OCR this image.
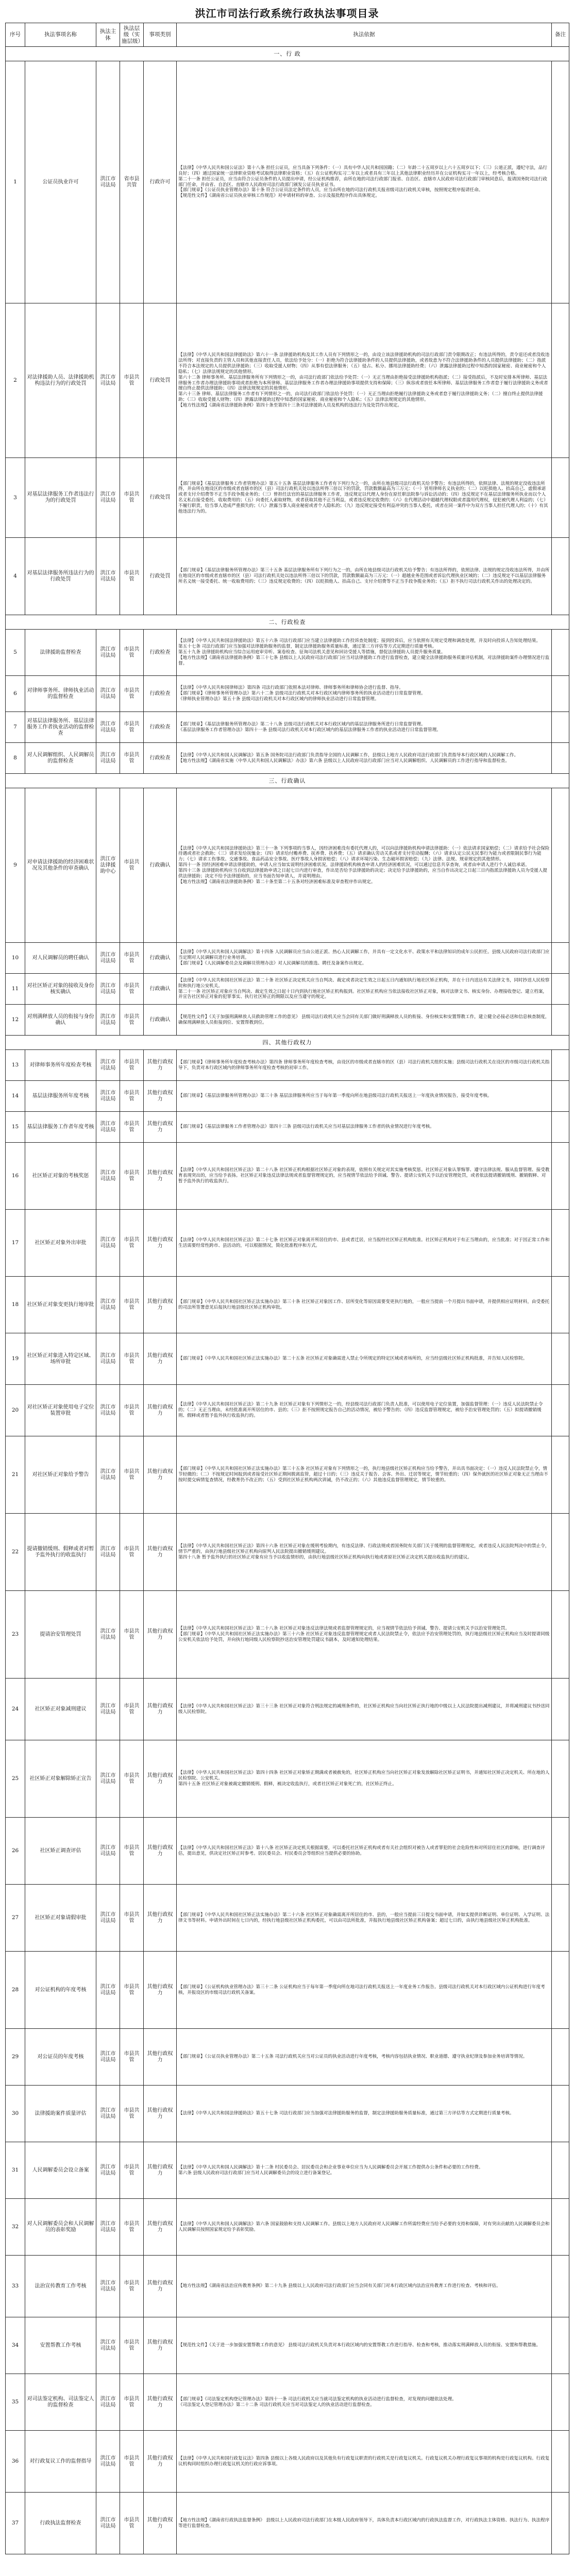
洪江市司法行政系统行政执法事项目录
序号	执法事项名称	执法主体	执法层级（实施层级）	事项类别	执法依据	备注
一、行 政						
1	公证员执业许可	洪江市司法局	省市县共管	行政许可	【法律】《中华人民共和国公证法》第十八条 担任公证员，应当具备下列条件：（一）具有中华人民共和国国籍；（二）年龄二十五周岁以上六十五周岁以下；（三）公道正派，遵纪守法，品行良好；（四）通过国家统一法律职业资格考试取得法律职业资格；（五）在公证机构实习二年以上或者具有三年以上其他法律职业经历并在公证机构实习一年以上，经考核合格。
第二十一条 担任公证员，应当由符合公证员条件的人员提出申请，经公证机构推荐，由所在地的司法行政部门报省、自治区、直辖市人民政府司法行政部门审核同意后，报请国务院司法行政部门任命，并由省、自治区、直辖市人民政府司法行政部门颁发公证员执业证书。
【部门规章】《公证员执业管理办法》第十条 符合公证员法定条件的人员，应当由所在地的司法行政机关报省级司法行政机关审核，按照规定程序报请任命。
【规范性文件】《湖南省公证员执业审核工作规范》对申请材料的审查、公示及报批程序作出具体规定。	
2	对法律援助人员、法律援助机构违法行为的行政处罚	洪江市司法局	市县共管	行政处罚	【法律】《中华人民共和国法律援助法》第六十一条 法律援助机构及其工作人员有下列情形之一的，由设立该法律援助机构的司法行政部门责令限期改正；有违法所得的，责令退还或者没收违法所得；对直接负责的主管人员和其他直接责任人员，依法给予处分：（一）拒绝为符合法律援助条件的人员提供法律援助，或者故意为不符合法律援助条件的人员提供法律援助；（二）指派不符合本法规定的人员提供法律援助；（三）收取受援人财物；（四）从事有偿法律服务；（五）侵占、私分、挪用法律援助经费；（六）泄露法律援助过程中知悉的国家秘密、商业秘密和个人隐私；（七）法律法规规定的其他情形。
第六十二条 律师事务所、基层法律服务所有下列情形之一的，由司法行政部门依法给予处罚：（一）无正当理由拒绝接受法律援助机构指派；（二）接受指派后，不及时安排本所律师、基层法律服务工作者办理法律援助事项或者拒绝为本所律师、基层法律服务工作者办理法律援助事项提供支持和保障；（三）纵容或者放任本所律师、基层法律服务工作者怠于履行法律援助义务或者擅自终止提供法律援助；（四）法律法规规定的其他情形。
第六十三条 律师、基层法律服务工作者有下列情形之一的，由司法行政部门依法给予处罚：（一）无正当理由拒绝履行法律援助义务或者怠于履行法律援助义务；（二）擅自终止提供法律援助；（三）收取受援人财物；（四）泄露法律援助过程中知悉的国家秘密、商业秘密和个人隐私；（五）法律法规规定的其他情形。
【地方性法规】《湖南省法律援助条例》第四十条至第四十三条对法律援助人员及机构的违法行为及处罚作出规定。	
3	对基层法律服务工作者违法行为的行政处罚	洪江市司法局	市县共管	行政处罚	【部门规章】《基层法律服务工作者管理办法》第五十五条 基层法律服务工作者有下列行为之一的，由所在地县级司法行政机关给予警告；有违法所得的，依照法律、法规的规定没收违法所得，并由所在地设区的市级或者直辖市的区（县）司法行政机关处以违法所得三倍以下的罚款，罚款数额最高为三万元：（一）冒用律师名义执业的；（二）以贬损他人、抬高自己、虚假承诺或者支付介绍费等不正当手段争揽业务的；（三）曾担任法官的基层法律服务工作者，违反规定以代理人身份在原任职法院参与诉讼活动的；（四）违反规定不在基层法律服务所执业而以个人名义私自接受委托、收取费用的；（五）向委托人索取财物，或者获取其他不正当利益，或者违反规定收费的；（六）在代理活动中超越代理权限或者滥用代理权，侵犯被代理人利益的；（七）不履行职责，给当事人造成严重损失的；（八）泄露当事人商业秘密或者个人隐私的；（九）违反规定接受有利益冲突的当事人委托，或者在同一案件中为双方当事人担任代理人的；（十）有其他违法行为的。	
4	对基层法律服务所违法行为的行政处罚	洪江市司法局	市县共管	行政处罚	【部门规章】《基层法律服务所管理办法》第三十五条 基层法律服务所有下列行为之一的，由所在地县级司法行政机关给予警告；有违法所得的，依照法律、法规的规定没收违法所得，并由所在地设区的市级或者直辖市的区（县）司法行政机关处以违法所得三倍以下的罚款，罚款数额最高为三万元：（一）超越业务范围或者诉讼代理执业区域的；（二）违反规定不以基层法律服务所名义统一接受委托、统一收取费用的；（三）违反规定收费的；（四）以贬损他人、抬高自己、支付介绍费等不正当手段争揽业务的；（五）拒不执行司法行政机关作出的处理决定的。	
二、行政检查						
5	法律援助监督检查	洪江市司法局	市县共管	行政检查	【法律】《中华人民共和国法律援助法》第五十六条 司法行政部门应当建立法律援助工作投诉查处制度；接到投诉后，应当依照有关规定受理和调查处理，并及时向投诉人告知处理结果。
第五十七条 司法行政部门应当加强对法律援助服务的监督，制定法律援助服务质量标准，通过第三方评估等方式定期进行质量考核。
第五十九条 法律援助机构应当综合运用庭审旁听、案卷检查、征询司法机关意见和回访受援人等措施，督促法律援助人员提升服务质量。
【地方性法规】《湖南省法律援助条例》第三十七条 县级以上人民政府司法行政部门应当对法律援助工作进行监督检查，建立健全法律援助服务质量评估机制，对法律援助案件办理情况进行监督。	
6	对律师事务所、律师执业活动的监督检查	洪江市司法局	市县共管	行政检查	【法律】《中华人民共和国律师法》第四条 司法行政部门依照本法对律师、律师事务所和律师协会进行监督、指导。
【部门规章】《律师事务所管理办法》第六十二条 县级司法行政机关对本行政区域内律师事务所的执业活动进行日常监督管理。
《律师执业管理办法》第五十条 县级司法行政机关对本行政区域内的律师执业活动进行日常监督管理。	
7	对基层法律服务所、基层法律服务工作者执业活动的监督检查	洪江市司法局	市县共管	行政检查	【部门规章】《基层法律服务所管理办法》第二十八条 县级司法行政机关对本行政区域内的基层法律服务所进行日常监督管理。
《基层法律服务工作者管理办法》第四十一条 县级司法行政机关对本行政区域内的基层法律服务工作者的执业活动进行日常监督管理。	
8	对人民调解组织、人民调解员的监督检查	洪江市司法局	市县共管	行政检查	【法律】《中华人民共和国人民调解法》第五条 国务院司法行政部门负责指导全国的人民调解工作，县级以上地方人民政府司法行政部门负责指导本行政区域的人民调解工作。
【地方性法规】《湖南省实施〈中华人民共和国人民调解法〉办法》第六条 县级以上人民政府司法行政部门应当对人民调解组织、人民调解员的工作进行指导和监督检查。	
三、行政确认						
9	对申请法律援助的经济困难状况及其他条件的审查确认	洪江市法律援助中心	市县共管	行政确认	【法律】《中华人民共和国法律援助法》第三十一条 下列事项的当事人，因经济困难没有委托代理人的，可以向法律援助机构申请法律援助：（一）依法请求国家赔偿；（二）请求给予社会保险待遇或者社会救助；（三）请求发给抚恤金；（四）请求给付赡养费、抚养费、扶养费；（五）请求确认劳动关系或者支付劳动报酬；（六）请求认定公民无民事行为能力或者限制民事行为能力；（七）请求工伤事故、交通事故、食品药品安全事故、医疗事故人身损害赔偿；（八）请求环境污染、生态破坏损害赔偿；（九）法律、法规、规章规定的其他情形。
第四十一条 因经济困难申请法律援助的，申请人应当如实说明经济困难状况。法律援助机构核查申请人的经济困难状况，可以通过信息共享查询，或者由申请人进行个人诚信承诺。
第四十三条 法律援助机构应当自收到法律援助申请之日起七日内进行审查，作出是否给予法律援助的决定；决定给予法律援助的，应当自作出决定之日起三日内指派法律援助人员为受援人提供法律援助；决定不给予法律援助的，应当书面告知申请人，并说明理由。
【地方性法规】《湖南省法律援助条例》第二十条至第二十五条对经济困难标准及审查程序作出规定。	
10	对人民调解员的聘任确认	洪江市司法局	市县共管	行政确认	【法律】《中华人民共和国人民调解法》第十四条 人民调解员应当由公道正派、热心人民调解工作，并具有一定文化水平、政策水平和法律知识的成年公民担任。县级人民政府司法行政部门应当定期对人民调解员进行业务培训。
【部门规章】《人民调解委员会及调解员管理办法》对人民调解员的推选、聘任及备案作出规定。	
11	对社区矫正对象的接收及身份核实确认	洪江市司法局	市县共管	行政确认	【法律】《中华人民共和国社区矫正法》第二十条 社区矫正决定机关应当自判决、裁定或者决定生效之日起五日内通知执行地社区矫正机构，并在十日内送达有关法律文书，同时抄送人民检察院和执行地公安机关。
第二十一条 社区矫正对象应当自判决、裁定生效之日起十日内到执行地社区矫正机构报到。社区矫正机构应当依法接收社区矫正对象，核对法律文书、核实身份、办理接收登记、建立档案，并宣告社区矫正对象的犯罪事实、执行社区矫正的期限以及应当遵守的规定。	
12	对刑满释放人员的衔接与身份确认	洪江市司法局	市县共管	行政确认	【规范性文件】《关于加强刑满释放人员救助管理工作的意见》 县级司法行政机关应当会同有关部门做好刑满释放人员的衔接、身份核实和安置帮教工作，建立健全必接必送和信息核查制度，确保刑满释放人员衔接到位、安置帮教到位。	
四、其他行政权力						
13	对律师事务所年度检查考核	洪江市司法局	市县共管	其他行政权力	【部门规章】《律师事务所年度检查考核办法》第四条 律师事务所年度检查考核，由设区的市级或者直辖市的区（县）司法行政机关组织实施；县级司法行政机关在设区的市级司法行政机关指导下，负责对本行政区域内的律师事务所年度检查考核的初审工作。	
14	基层法律服务所年度考核	洪江市司法局	市县共管	其他行政权力	【部门规章】《基层法律服务所管理办法》第三十条 基层法律服务所应当于每年第一季度向所在地县级司法行政机关报送上一年度执业情况报告，接受年度考核。	
15	基层法律服务工作者年度考核	洪江市司法局	市县共管	其他行政权力	【部门规章】《基层法律服务工作者管理办法》第四十三条 县级司法行政机关应当对基层法律服务工作者的执业情况进行年度考核。	
16	社区矫正对象的考核奖惩	洪江市司法局	市县共管	其他行政权力	【法律】《中华人民共和国社区矫正法》第二十八条 社区矫正机构根据社区矫正对象的表现，依照有关规定对其实施考核奖惩。社区矫正对象认罪悔罪、遵守法律法规、服从监督管理、接受教育表现突出的，应当给予表扬。社区矫正对象违反法律法规或者监督管理规定的，应当视情节依法给予训诫、警告、提请公安机关予以治安管理处罚，或者依法提请撤销缓刑、撤销假释、对暂予监外执行的收监执行。	
17	社区矫正对象外出审批	洪江市司法局	市县共管	其他行政权力	【法律】《中华人民共和国社区矫正法》第二十七条 社区矫正对象离开所居住的市、县或者迁居，应当报经社区矫正机构批准。社区矫正机构对于有正当理由的，应当批准；对于因正常工作和生活需要经常性跨市、县活动的，可以根据情况，简化批准程序和方式。	
18	社区矫正对象变更执行地审批	洪江市司法局	市县共管	其他行政权力	【部门规章】《中华人民共和国社区矫正法实施办法》第三十条 社区矫正对象因工作、居所变化等原因需要变更执行地的，一般应当提前一个月提出书面申请，并提供相应证明材料，由受委托的司法所签署意见后报执行地县级社区矫正机构审批。	
19	社区矫正对象进入特定区域、场所审批	洪江市司法局	市县共管	其他行政权力	【部门规章】《中华人民共和国社区矫正法实施办法》第二十五条 社区矫正对象确需进入禁止令所规定的特定区域或者场所的，应当经县级社区矫正机构批准，并告知人民检察院。	
20	对社区矫正对象使用电子定位装置审批	洪江市司法局	市县共管	其他行政权力	【法律】《中华人民共和国社区矫正法》第二十九条 社区矫正对象有下列情形之一的，经县级司法行政部门负责人批准，可以使用电子定位装置，加强监督管理：（一）违反人民法院禁止令的；（二）无正当理由，未经批准离开所居住的市、县的；（三）拒不按照规定报告自己的活动情况，被给予警告的；（四）违反监督管理规定，被给予治安管理处罚的；（五）拟提请撤销缓刑、假释或者暂予监外执行收监执行的。	
21	对社区矫正对象给予警告	洪江市司法局	市县共管	其他行政权力	【部门规章】《中华人民共和国社区矫正法实施办法》第三十五条 社区矫正对象有下列情形之一的，执行地县级社区矫正机构应当给予警告，并出具书面决定：（一）违反人民法院禁止令，情节轻微的；（二）不按规定时间报到或者接受社区矫正期间脱离监管，超过十日的；（三）违反关于报告、会客、外出、迁居等规定，情节较重的；（四）保外就医的社区矫正对象无正当理由不按时提交病情复查情况，经教育仍不改正的；（五）受到社区矫正机构两次训诫，仍不改正的；（六）其他违反监督管理规定，情节较重的。	
22	提请撤销缓刑、假释或者对暂予监外执行的收监执行	洪江市司法局	市县共管	其他行政权力	【法律】《中华人民共和国社区矫正法》第四十六条 社区矫正对象在缓刑考验期内，有违反法律、行政法规或者国务院有关部门关于缓刑的监督管理规定，或者违反人民法院判决中的禁止令，情节严重的，由执行地县级社区矫正机构向原判人民法院提出撤销缓刑建议。
第四十八条 暂予监外执行的社区矫正对象有应当予以收监情形的，由执行地县级社区矫正机构向执行地或者原社区矫正决定机关提出收监执行的建议。	
23	提请治安管理处罚	洪江市司法局	市县共管	其他行政权力	【法律】《中华人民共和国社区矫正法》第二十八条 社区矫正对象违反法律法规或者监督管理规定的，应当视情节依法给予训诫、警告、提请公安机关予以治安管理处罚。
【部门规章】《中华人民共和国社区矫正法实施办法》第三十六条 社区矫正对象违反监督管理规定或者人民法院禁止令，依法应予治安管理处罚的，执行地县级社区矫正机构应当及时提请同级公安机关依法给予处罚，并向执行地同级人民检察院抄送治安管理处罚建议书副本，及时通知处理结果。	
24	社区矫正对象减刑建议	洪江市司法局	市县共管	其他行政权力	【法律】《中华人民共和国社区矫正法》第三十三条 社区矫正对象符合刑法规定的减刑条件的，社区矫正机构应当向社区矫正执行地的中级以上人民法院提出减刑建议，并将减刑建议书抄送同级人民检察院。	
25	社区矫正对象解除矫正宣告	洪江市司法局	市县共管	其他行政权力	【法律】《中华人民共和国社区矫正法》第四十四条 社区矫正对象矫正期满或者被赦免的，社区矫正机构应当向社区矫正对象发放解除社区矫正证明书，并通知社区矫正决定机关、所在地的人民检察院、公安机关。
第四十五条 社区矫正对象被裁定撤销缓刑、假释，被决定收监执行，或者社区矫正对象死亡的，社区矫正终止。	
26	社区矫正调查评估	洪江市司法局	市县共管	其他行政权力	【法律】《中华人民共和国社区矫正法》第十八条 社区矫正决定机关根据需要，可以委托社区矫正机构或者有关社会组织对被告人或者罪犯的社会危险性和对所居住社区的影响，进行调查评估，提出意见，供决定社区矫正时参考。居民委员会、村民委员会等组织应当提供必要的协助。	
27	社区矫正对象请假审批	洪江市司法局	市县共管	其他行政权力	【部门规章】《中华人民共和国社区矫正法实施办法》第二十六条 社区矫正对象确需离开所居住的市、县的，一般应当提前三日提交书面申请，并如实提供诊断证明、单位证明、入学证明、法律文书等材料。申请外出时间在七日内的，经执行地县级社区矫正机构委托，可以由司法所批准，并报执行地县级社区矫正机构备案；超过七日的，由执行地县级社区矫正机构批准。	
28	对公证机构的年度考核	洪江市司法局	市县共管	其他行政权力	【部门规章】《公证机构执业管理办法》第三十二条 公证机构应当于每年第一季度向所在地司法行政机关报送上一年度业务工作报告。县级司法行政机关对本行政区域内公证机构进行年度考核，并报设区的市级司法行政机关备案。	
29	对公证员的年度考核	洪江市司法局	市县共管	其他行政权力	【部门规章】《公证员执业管理办法》第二十五条 司法行政机关应当对公证员的执业活动进行年度考核，考核内容包括执业情况、职业道德、遵守执业纪律及参加业务培训等情况。	
30	法律援助案件质量评估	洪江市司法局	市县共管	其他行政权力	【法律】《中华人民共和国法律援助法》第五十七条 司法行政部门应当加强对法律援助服务的监督，制定法律援助服务质量标准，通过第三方评估等方式定期进行质量考核。	
31	人民调解委员会设立备案	洪江市司法局	市县共管	其他行政权力	【法律】《中华人民共和国人民调解法》第十二条 村民委员会、居民委员会和企业事业单位应当为人民调解委员会开展工作提供办公条件和必要的工作经费。
第六条 县级人民政府司法行政部门应当对人民调解委员会的设立进行备案登记。	
32	对人民调解委员会和人民调解员的表彰奖励	洪江市司法局	市县共管	其他行政权力	【法律】《中华人民共和国人民调解法》第六条 国家鼓励和支持人民调解工作。县级以上地方人民政府对人民调解工作所需经费应当给予必要的支持和保障，对有突出贡献的人民调解委员会和人民调解员按照国家规定给予表彰奖励。	
33	法治宣传教育工作考核	洪江市司法局	市县共管	其他行政权力	【地方性法规】《湖南省法治宣传教育条例》第二十九条 县级以上人民政府司法行政部门应当会同有关部门对本行政区域内法治宣传教育工作进行检查、考核和评估。	
34	安置帮教工作考核	洪江市司法局	市县共管	其他行政权力	【规范性文件】《关于进一步加强安置帮教工作的意见》 县级司法行政机关负责对本行政区域内的安置帮教工作进行指导、检查和考核，推动落实刑满释放人员的衔接、安置和帮教措施。	
35	对司法鉴定机构、司法鉴定人的监督检查	洪江市司法局	市县共管	其他行政权力	【部门规章】《司法鉴定机构登记管理办法》第四十一条 司法行政机关应当就司法鉴定机构的执业活动进行监督检查，对发现的问题依法处理。
《司法鉴定人登记管理办法》第二十二条 司法行政机关应当对司法鉴定人的执业活动进行监督检查。	
36	对行政复议工作的监督指导	洪江市司法局	市县共管	其他行政权力	【法律】《中华人民共和国行政复议法》第四条 县级以上各级人民政府以及其他负有行政复议职责的行政机关是行政复议机关。行政复议机关办理行政复议事项的机构是行政复议机构。行政复议机构同时组织办理行政复议机关的行政应诉事项。	
37	行政执法监督检查	洪江市司法局	市县共管	其他行政权力	【地方性法规】《湖南省行政执法监督条例》 县级以上人民政府司法行政部门在本级人民政府领导下，具体负责本行政区域内的行政执法监督工作，对行政执法主体资格、执法行为、执法程序等进行监督检查。	
